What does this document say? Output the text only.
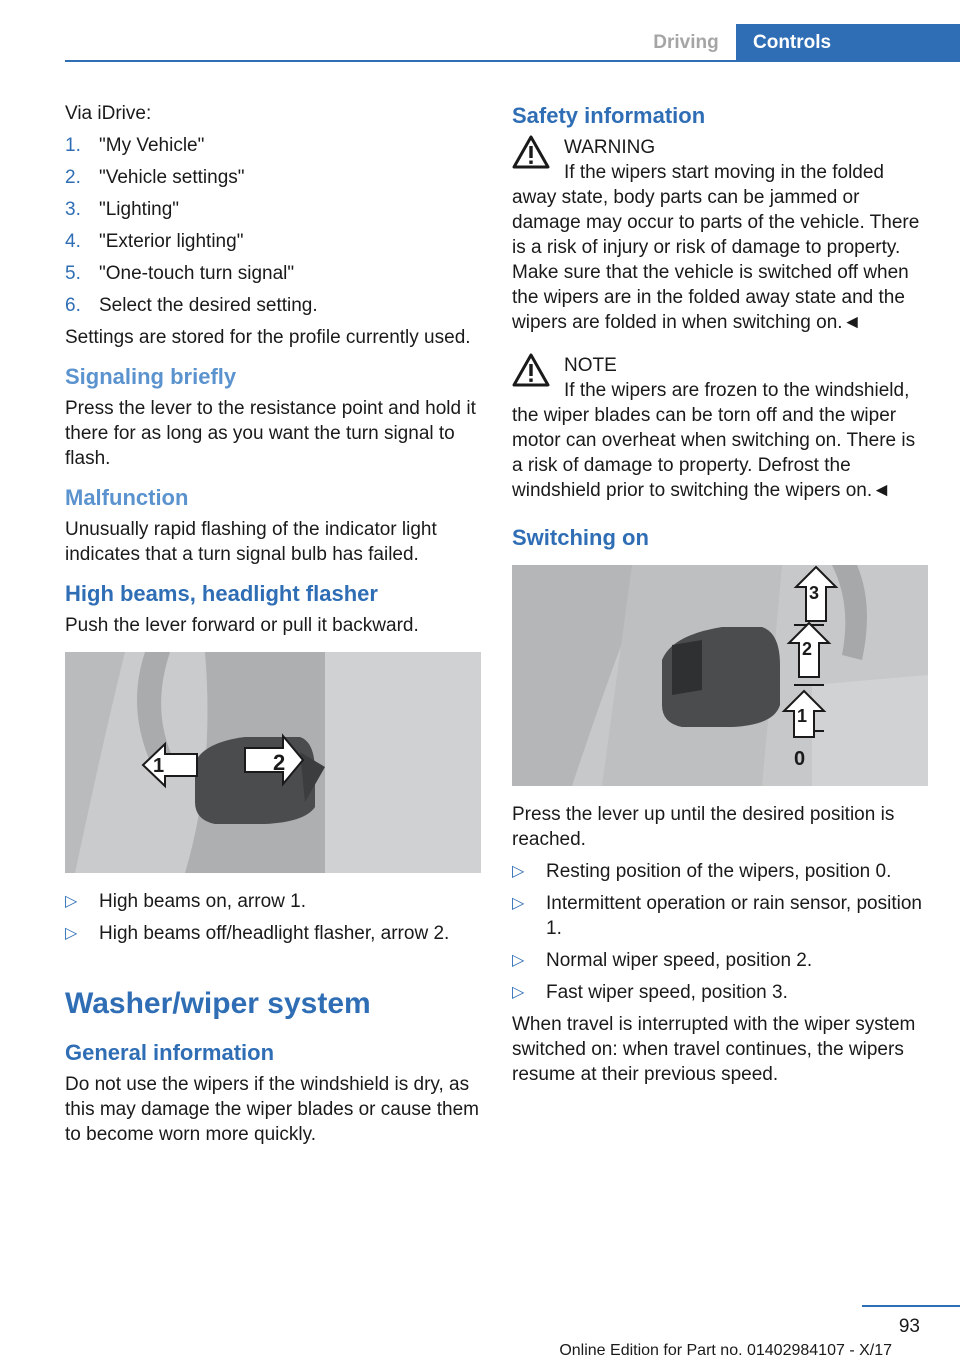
Driving	Controls

Via iDrive:

1. "My Vehicle"
2. "Vehicle settings"
3. "Lighting"
4. "Exterior lighting"
5. "One-touch turn signal"
6. Select the desired setting.

Settings are stored for the profile currently used.

Signaling briefly

Press the lever to the resistance point and hold it there for as long as you want the turn signal to flash.

Malfunction

Unusually rapid flashing of the indicator light indicates that a turn signal bulb has failed.

High beams, headlight flasher

Push the lever forward or pull it backward.

1	2
▷ High beams on, arrow 1.
▷ High beams off/headlight flasher, arrow 2.
Washer/wiper system
General information

Do not use the wipers if the windshield is dry, as this may damage the wiper blades or cause them to become worn more quickly.

Safety information
WARNING
If the wipers start moving in the folded away state, body parts can be jammed or damage may occur to parts of the vehicle. There is a risk of injury or risk of damage to property. Make sure that the vehicle is switched off when the wipers are in the folded away state and the wipers are folded in when switching on.◄
NOTE
If the wipers are frozen to the windshield, the wiper blades can be torn off and the wiper motor can overheat when switching on. There is a risk of damage to property. Defrost the windshield prior to switching the wipers on.◄
Switching on
3
2
1
0

Press the lever up until the desired position is reached.

▷ Resting position of the wipers, position 0.
▷ Intermittent operation or rain sensor, position 1.
▷ Normal wiper speed, position 2.
▷ Fast wiper speed, position 3.

When travel is interrupted with the wiper system switched on: when travel continues, the wipers resume at their previous speed.

93
Online Edition for Part no. 01402984107 - X/17
